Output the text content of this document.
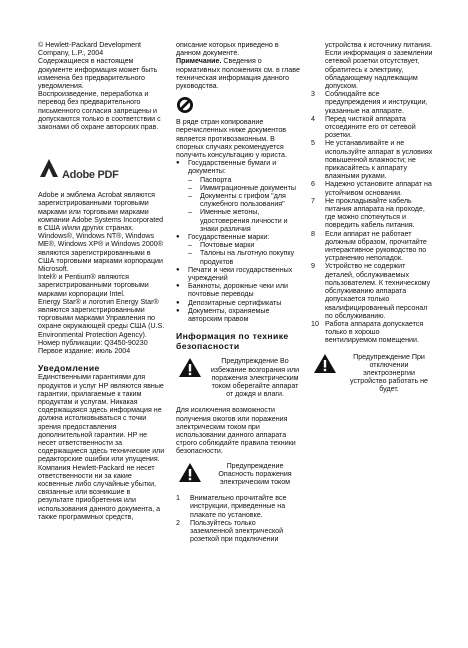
© Hewlett-Packard Development Company, L.P., 2004

Содержащиеся в настоящем документе информация может быть изменена без предварительного уведомления.

Воспроизведение, переработка и перевод без предварительного письменного согласия запрещены и допускаются только в соответствии с законами об охране авторских прав.

Adobe PDF

Adobe и эмблема Acrobat являются зарегистрированными торговыми марками или торговыми марками компании Adobe Systems Incorporated в США и/или других странах.

Windows®, Windows NT®, Windows ME®, Windows XP® и Windows 2000® являются зарегистрированными в США торговыми марками корпорации Microsoft.

Intel® и Pentium® являются зарегистрированными торговыми марками корпорации Intel.

Energy Star® и логотип Energy Star® являются зарегистрированными торговыми марками Управления по охране окружающей среды США (U.S. Environmental Protection Agency).

Номер публикации: Q3450-90230

Первое издание: июль 2004

Уведомление

Единственными гарантиями для продуктов и услуг HP являются явные гарантии, прилагаемые к таким продуктам и услугам. Никакая содержащаяся здесь информация не должна истолковываться с точки зрения предоставления дополнительной гарантии. HP не несет ответственности за содержащиеся здесь технические или редакторские ошибки или упущения.

Компания Hewlett-Packard не несет ответственности ни за какие косвенные либо случайные убытки, связанные или возникшие в результате приобретения или использования данного документа, а также программных средств,

описание которых приведено в данном документе.

Примечание. Сведения о нормативных положениях см. в главе техническая информация данного руководства.

В ряде стран копирование перечисленных ниже документов является противозаконным. В спорных случаях рекомендуется получить консультацию у юриста.

● Государственные бумаги и документы:
– Паспорта
– Иммиграционные документы
– Документы с грифом "для служебного пользования"
– Именные жетоны, удостоверения личности и знаки различия
● Государственные марки:
– Почтовые марки
– Талоны на льготную покупку продуктов
● Печати и чеки государственных учреждений
● Банкноты, дорожные чеки или почтовые переводы
● Депозитарные сертификаты
● Документы, охраняемые авторским правом

Информация по технике безопасности

Предупреждение Во избежание возгорания или поражения электрическим током оберегайте аппарат от дождя и влаги.

Для исключения возможности получения ожогов или поражения электрическим током при использовании данного аппарата строго соблюдайте правила техники безопасности.

Предупреждение Опасность поражения электрическим током
1	Внимательно прочитайте все инструкции, приведенные на плакате по установке.
2	Пользуйтесь только заземленной электрической розеткой при подключении

устройства к источнику питания. Если информация о заземлении сетевой розетки отсутствует, обратитесь к электрику, обладающему надлежащим допуском.

3	Соблюдайте все предупреждения и инструкции, указанные на аппарате.
4	Перед чисткой аппарата отсоедините его от сетевой розетки.
5	Не устанавливайте и не используйте аппарат в условиях повышенной влажности; не прикасайтесь к аппарату влажными руками.
6	Надежно установите аппарат на устойчивом основании.
7	Не прокладывайте кабель питания аппарата на проходе, где можно споткнуться и повредить кабель питания.
8	Если аппарат не работает должным образом, прочитайте интерактивное руководство по устранению неполадок.
9	Устройство не содержит деталей, обслуживаемых пользователем. К техническому обслуживанию аппарата допускается только квалифицированный персонал по обслуживанию.
10 Работа аппарата допускается только в хорошо вентилируемом помещении.
Предупреждение При отключении электроэнергии устройство работать не будет.
